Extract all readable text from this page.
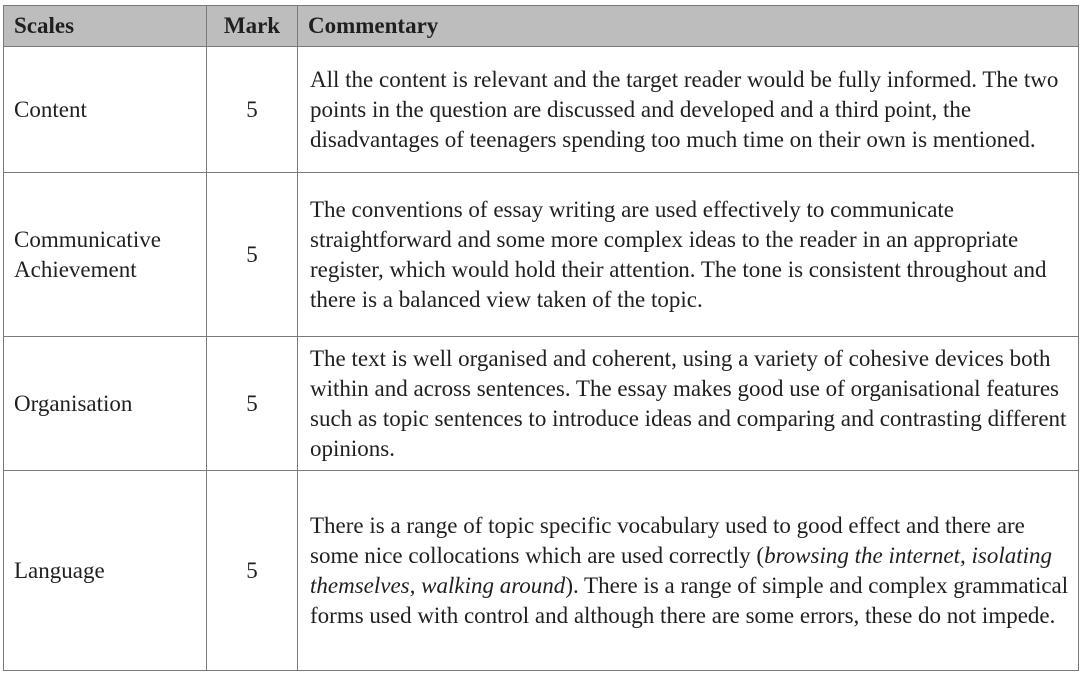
Scales	Mark	Commentary
Content	5	All the content is relevant and the target reader would be fully informed. The two points in the question are discussed and developed and a third point, the disadvantages of teenagers spending too much time on their own is mentioned.
Communicative Achievement	5	The conventions of essay writing are used effectively to communicate straightforward and some more complex ideas to the reader in an appropriate register, which would hold their attention. The tone is consistent throughout and there is a balanced view taken of the topic.
Organisation	5	The text is well organised and coherent, using a variety of cohesive devices both within and across sentences. The essay makes good use of organisational features such as topic sentences to introduce ideas and comparing and contrasting different opinions.
Language	5	There is a range of topic specific vocabulary used to good effect and there are some nice collocations which are used correctly (browsing the internet, isolating themselves, walking around). There is a range of simple and complex grammatical forms used with control and although there are some errors, these do not impede.
